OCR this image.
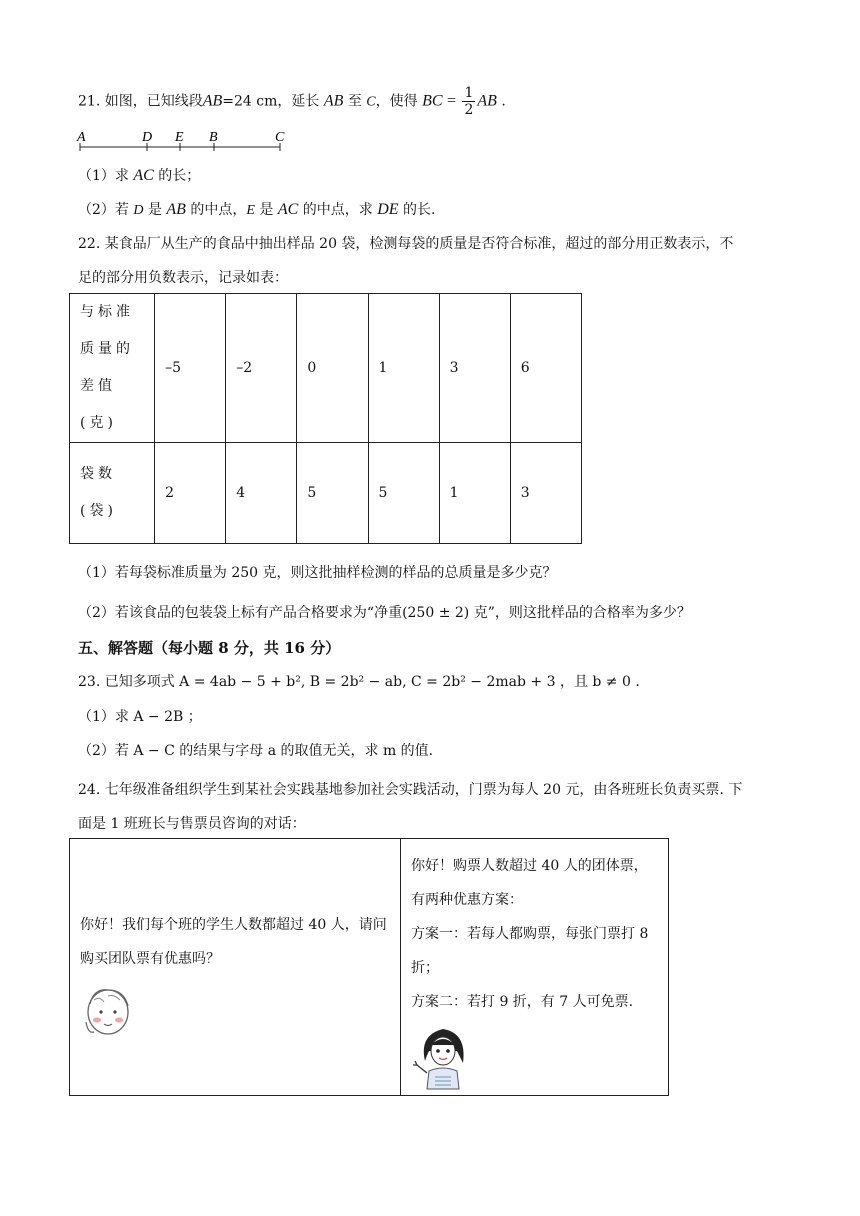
21. 如图，已知线段AB=24 cm，延长 AB 至 C，使得 BC = $\frac{1}{2}$ AB .
A	D E B	C
（1）求 AC 的长；
（2）若 D 是 AB 的中点，E 是 AC 的中点，求 DE 的长.
22. 某食品厂从生产的食品中抽出样品 20 袋，检测每袋的质量是否符合标准，超过的部分用正数表示，不
足的部分用负数表示，记录如表：
与标准质量的差值(克)	–5	–2	0	1	3	6
袋数(袋)	2	4	5	5	1	3
（1）若每袋标准质量为 250 克，则这批抽样检测的样品的总质量是多少克？
（2）若该食品的包装袋上标有产品合格要求为“净重(250 ± 2) 克”，则这批样品的合格率为多少？
五、解答题（每小题 8 分，共 16 分）
23. 已知多项式 A = 4ab − 5 + b², B = 2b² − ab, C = 2b² − 2mab + 3 ，且 b ≠ 0 .
（1）求 A − 2B ；
（2）若 A − C 的结果与字母 a 的取值无关，求 m 的值.
24. 七年级准备组织学生到某社会实践基地参加社会实践活动，门票为每人 20 元，由各班班长负责买票. 下
面是 1 班班长与售票员咨询的对话：
你好！我们每个班的学生人数都超过 40 人，请问购买团队票有优惠吗？

你好！购票人数超过 40 人的团体票，
有两种优惠方案：
方案一：若每人都购票，每张门票打 8
折；
方案二：若打 9 折，有 7 人可免票.
